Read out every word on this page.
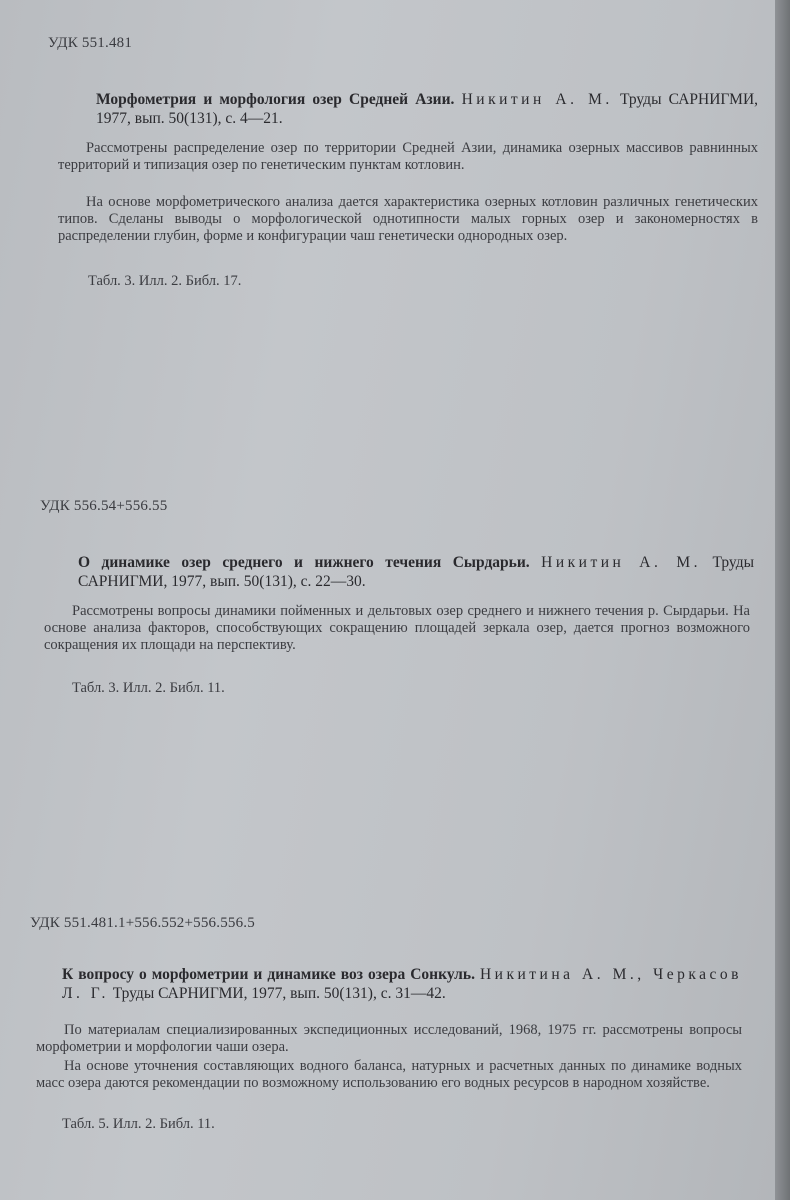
УДК 551.481
Морфометрия и морфология озер Средней Азии. Никитин А. М. Труды САРНИГМИ, 1977, вып. 50(131), с. 4—21.
Рассмотрены распределение озер по территории Средней Азии, динамика озерных массивов равнинных территорий и типизация озер по генетическим пунктам котловин.
На основе морфометрического анализа дается характеристика озерных котловин различных генетических типов. Сделаны выводы о морфологической однотипности малых горных озер и закономерностях в распределении глубин, форме и конфигурации чаш генетически однородных озер.
Табл. 3. Илл. 2. Библ. 17.
УДК 556.54+556.55
О динамике озер среднего и нижнего течения Сырдарьи. Никитин А. М. Труды САРНИГМИ, 1977, вып. 50(131), с. 22—30.
Рассмотрены вопросы динамики пойменных и дельтовых озер среднего и нижнего течения р. Сырдарьи. На основе анализа факторов, способствующих сокращению площадей зеркала озер, дается прогноз возможного сокращения их площади на перспективу.
Табл. 3. Илл. 2. Библ. 11.
УДК 551.481.1+556.552+556.556.5
К вопросу о морфометрии и динамике воз озера Сонкуль. Никитина А. М., Черкасов Л. Г. Труды САРНИГМИ, 1977, вып. 50(131), с. 31—42.
По материалам специализированных экспедиционных исследований, 1968, 1975 гг. рассмотрены вопросы морфометрии и морфологии чаши озера.
На основе уточнения составляющих водного баланса, натурных и расчетных данных по динамике водных масс озера даются рекомендации по возможному использованию его водных ресурсов в народном хозяйстве.
Табл. 5. Илл. 2. Библ. 11.
